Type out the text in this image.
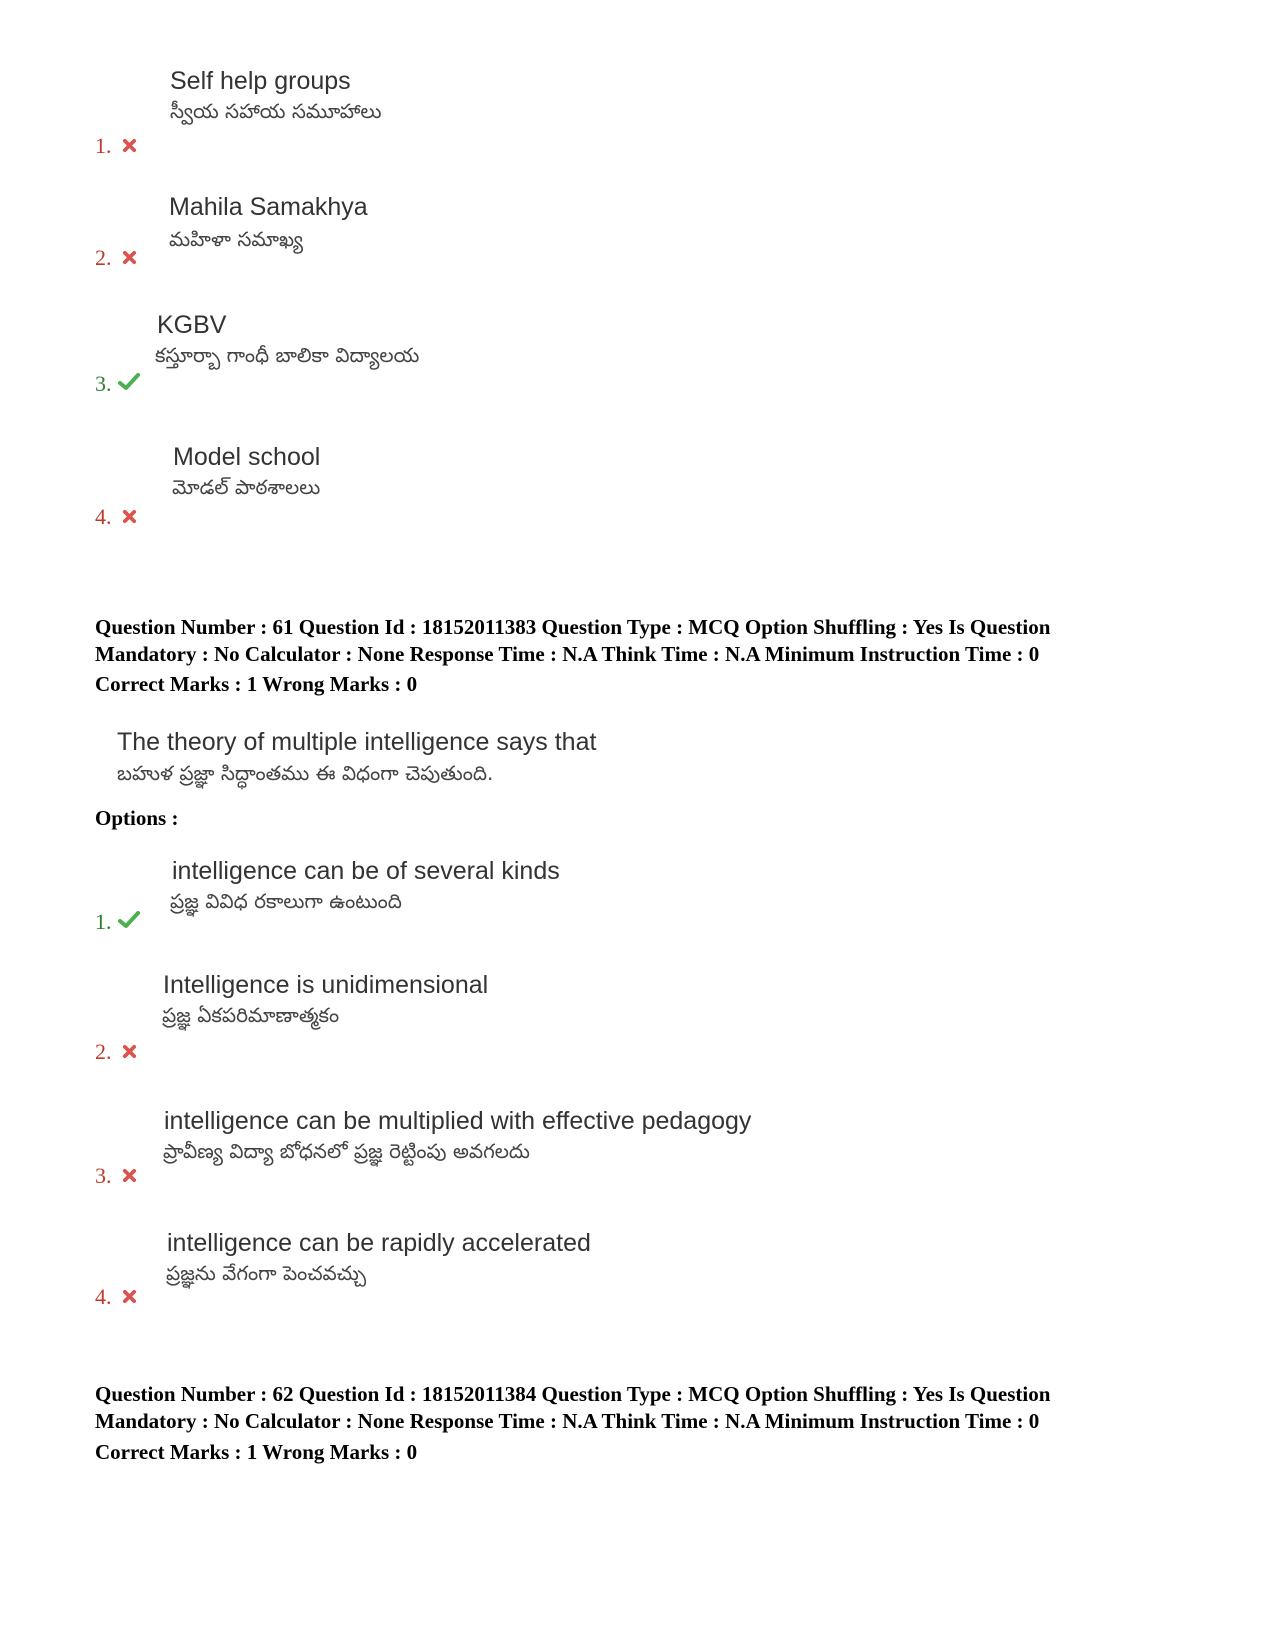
Self help groups
స్వీయ సహాయ సమూహాలు
1.
Mahila Samakhya
మహిళా సమాఖ్య
2.
KGBV
కస్తూర్బా గాంధీ బాలికా విద్యాలయ
3.
Model school
మోడల్ పాఠశాలలు
4.
Question Number : 61 Question Id : 18152011383 Question Type : MCQ Option Shuffling : Yes Is Question
Mandatory : No Calculator : None Response Time : N.A Think Time : N.A Minimum Instruction Time : 0
Correct Marks : 1 Wrong Marks : 0
The theory of multiple intelligence says that
బహుళ ప్రజ్ఞా సిద్ధాంతము ఈ విధంగా చెపుతుంది.
Options :
intelligence can be of several kinds
ప్రజ్ఞ వివిధ రకాలుగా ఉంటుంది
1.
Intelligence is unidimensional
ప్రజ్ఞ ఏకపరిమాణాత్మకం
2.
intelligence can be multiplied with effective pedagogy
ప్రావీణ్య విద్యా బోధనలో ప్రజ్ఞ రెట్టింపు అవగలదు
3.
intelligence can be rapidly accelerated
ప్రజ్ఞను వేగంగా పెంచవచ్చు
4.
Question Number : 62 Question Id : 18152011384 Question Type : MCQ Option Shuffling : Yes Is Question
Mandatory : No Calculator : None Response Time : N.A Think Time : N.A Minimum Instruction Time : 0
Correct Marks : 1 Wrong Marks : 0
